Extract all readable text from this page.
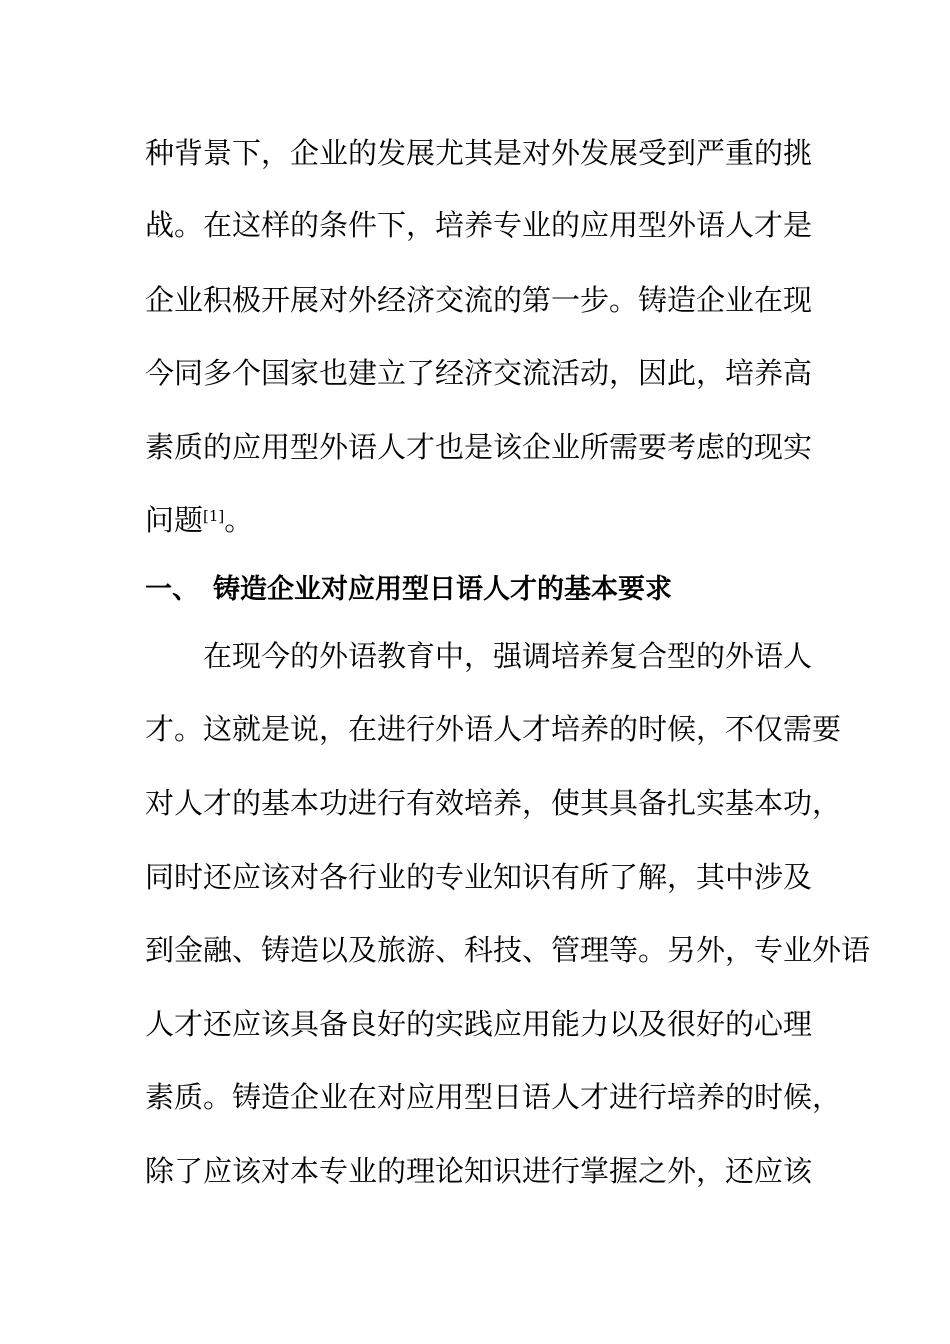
种背景下，企业的发展尤其是对外发展受到严重的挑
战。在这样的条件下，培养专业的应用型外语人才是
企业积极开展对外经济交流的第一步。铸造企业在现
今同多个国家也建立了经济交流活动，因此，培养高
素质的应用型外语人才也是该企业所需要考虑的现实
问题[1]。
一、 铸造企业对应用型日语人才的基本要求
在现今的外语教育中，强调培养复合型的外语人
才。这就是说，在进行外语人才培养的时候，不仅需要
对人才的基本功进行有效培养，使其具备扎实基本功，
同时还应该对各行业的专业知识有所了解，其中涉及
到金融、铸造以及旅游、科技、管理等。另外，专业外语
人才还应该具备良好的实践应用能力以及很好的心理
素质。铸造企业在对应用型日语人才进行培养的时候，
除了应该对本专业的理论知识进行掌握之外，还应该
